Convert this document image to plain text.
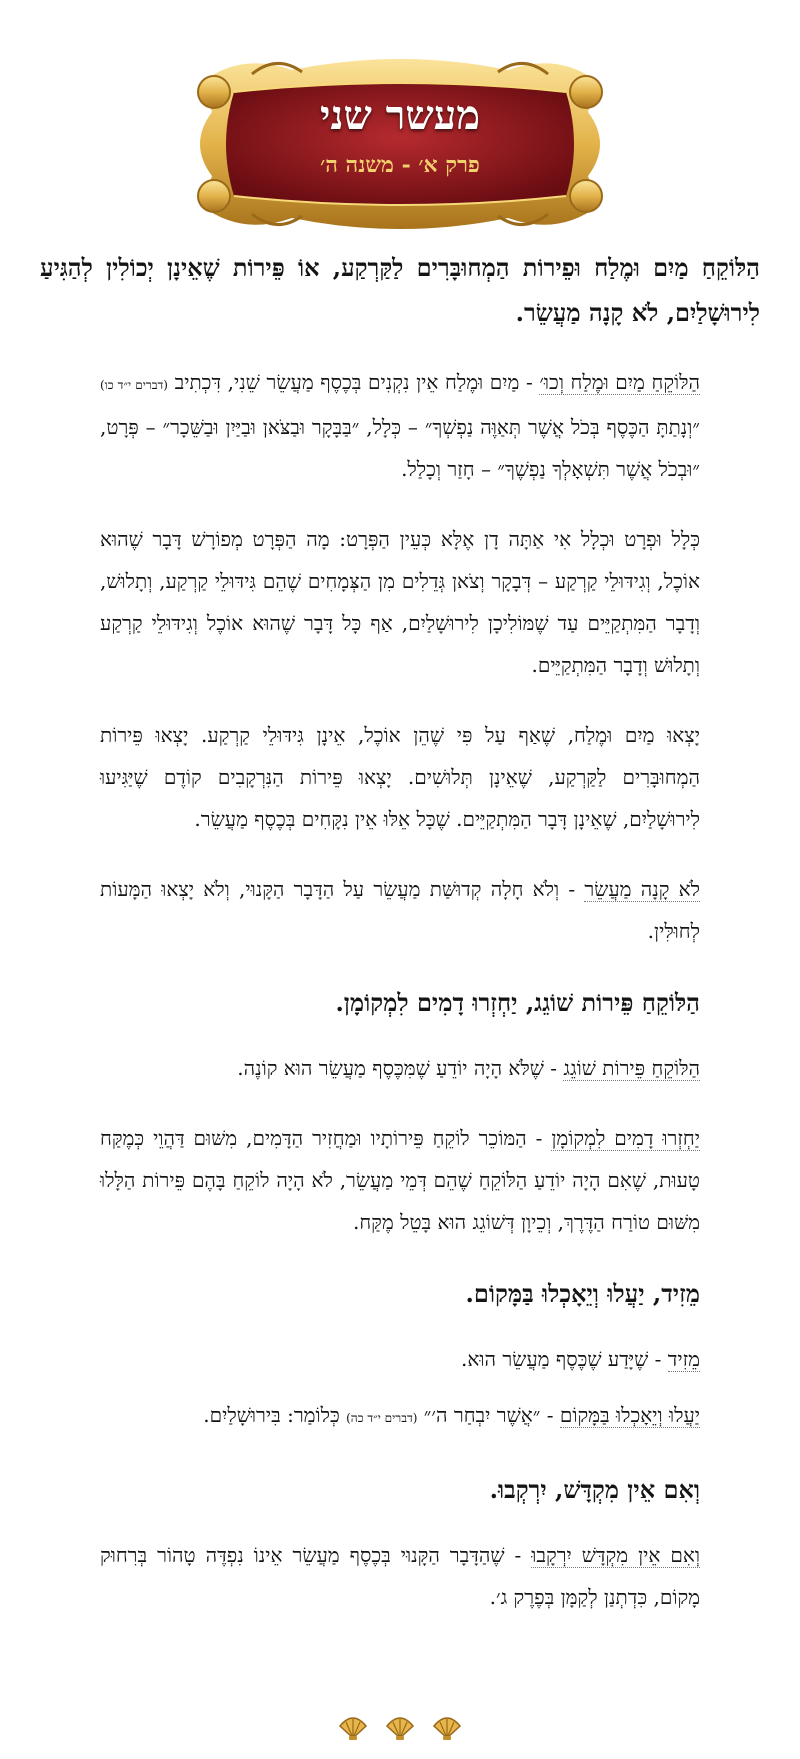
מעשר שני
פרק א׳ - משנה ה׳

הַלּוֹקֵחַ מַיִם וּמֶלַח וּפֵירוֹת הַמְחוּבָּרִים לַקַּרְקַע, אוֹ פֵּירוֹת שֶׁאֵינָן יְכוֹלִין לְהַגִּיעַ לִירוּשָׁלַיִם, לֹא קָנָה מַעֲשֵׂר.

הַלּוֹקֵחַ מַיִם וּמֶלַח וְכוּ׳ - מַיִם וּמֶלַח אֵין נִקְנִים בְּכֶסֶף מַעֲשֵׂר שֵׁנִי, דִּכְתִיב (דברים י״ד כו) ״וְנָתַתָּ הַכֶּסֶף בְּכֹל אֲשֶׁר תְּאַוֶּה נַפְשְׁךָ״ – כְּלָל, ״בַּבָּקָר וּבַצֹּאן וּבַיַּיִן וּבַשֵּׁכָר״ – פְּרָט, ״וּבְכֹל אֲשֶׁר תִּשְׁאָלְךָ נַפְשֶׁךָ״ – חָזַר וְכָלַל.

כְּלָל וּפְרָט וּכְלָל אִי אַתָּה דָן אֶלָּא כְּעֵין הַפְּרָט: מָה הַפְּרָט מְפוֹרָשׁ דָּבָר שֶׁהוּא אוֹכֶל, וְגִידּוּלֵי קַרְקַע – דְּבָקָר וְצֹאן גְּדֵלִים מִן הַצְּמָחִים שֶׁהֵם גִּידּוּלֵי קַרְקַע, וְתָלוּשׁ, וְדָבָר הַמִּתְקַיֵּים עַד שֶׁמּוֹלִיכָן לִירוּשָׁלַיִם, אַף כָּל דָּבָר שֶׁהוּא אוֹכֶל וְגִידּוּלֵי קַרְקַע וְתָלוּשׁ וְדָבָר הַמִּתְקַיֵּים.

יָצְאוּ מַיִם וּמֶלַח, שֶׁאַף עַל פִּי שֶׁהֵן אוֹכֶל, אֵינָן גִּידּוּלֵי קַרְקַע. יָצְאוּ פֵּירוֹת הַמְחוּבָּרִים לַקַּרְקַע, שֶׁאֵינָן תְּלוּשִׁים. יָצְאוּ פֵּירוֹת הַנִּרְקָבִים קוֹדֶם שֶׁיַּגִּיעוּ לִירוּשָׁלַיִם, שֶׁאֵינָן דָּבָר הַמִּתְקַיֵּים. שֶׁכָּל אֵלּוּ אֵין נִקָּחִים בְּכֶסֶף מַעֲשֵׂר.

לֹא קָנָה מַעֲשֵׂר - וְלֹא חָלָה קְדוּשַּׁת מַעֲשֵׂר עַל הַדָּבָר הַקָּנוּי, וְלֹא יָצְאוּ הַמָּעוֹת לְחוּלִּין.

הַלּוֹקֵחַ פֵּירוֹת שׁוֹגֵג, יַחְזְרוּ דָמִים לִמְקוֹמָן.

הַלּוֹקֵחַ פֵּירוֹת שׁוֹגֵג - שֶׁלֹּא הָיָה יוֹדֵעַ שֶׁמִּכֶּסֶף מַעֲשֵׂר הוּא קוֹנֶה.

יַחְזְרוּ דָמִים לִמְקוֹמָן - הַמּוֹכֵר לוֹקֵחַ פֵּירוֹתָיו וּמַחֲזִיר הַדָּמִים, מִשּׁוּם דַּהֲוֵי כְּמֶקַּח טָעוּת, שֶׁאִם הָיָה יוֹדֵעַ הַלּוֹקֵחַ שֶׁהֵם דְּמֵי מַעֲשֵׂר, לֹא הָיָה לוֹקֵחַ בָּהֶם פֵּירוֹת הַלָּלוּ מִשּׁוּם טוֹרַח הַדֶּרֶךְ, וְכֵיוָן דְּשׁוֹגֵג הוּא בָּטֵל מֶקַּח.

מֵזִיד, יַעֲלוּ וְיֵאָכְלוּ בַּמָּקוֹם.

מֵזִיד - שֶׁיָּדַע שֶׁכֶּסֶף מַעֲשֵׂר הוּא.

יַעֲלוּ וְיֵאָכְלוּ בַּמָּקוֹם - ״אֲשֶׁר יִבְחַר ה׳״ (דברים י״ד כה) כְּלוֹמַר: בִּירוּשָׁלַיִם.

וְאִם אֵין מִקְדָּשׁ, יִרְקְבוּ.

וְאִם אֵין מִקְדָּשׁ יִרְקָבוּ - שֶׁהַדָּבָר הַקָּנוּי בְּכֶסֶף מַעֲשֵׂר אֵינוֹ נִפְדֶּה טָהוֹר בְּרִחוּק מָקוֹם, כִּדְתְנַן לְקַמָּן בְּפֶרֶק ג׳.
